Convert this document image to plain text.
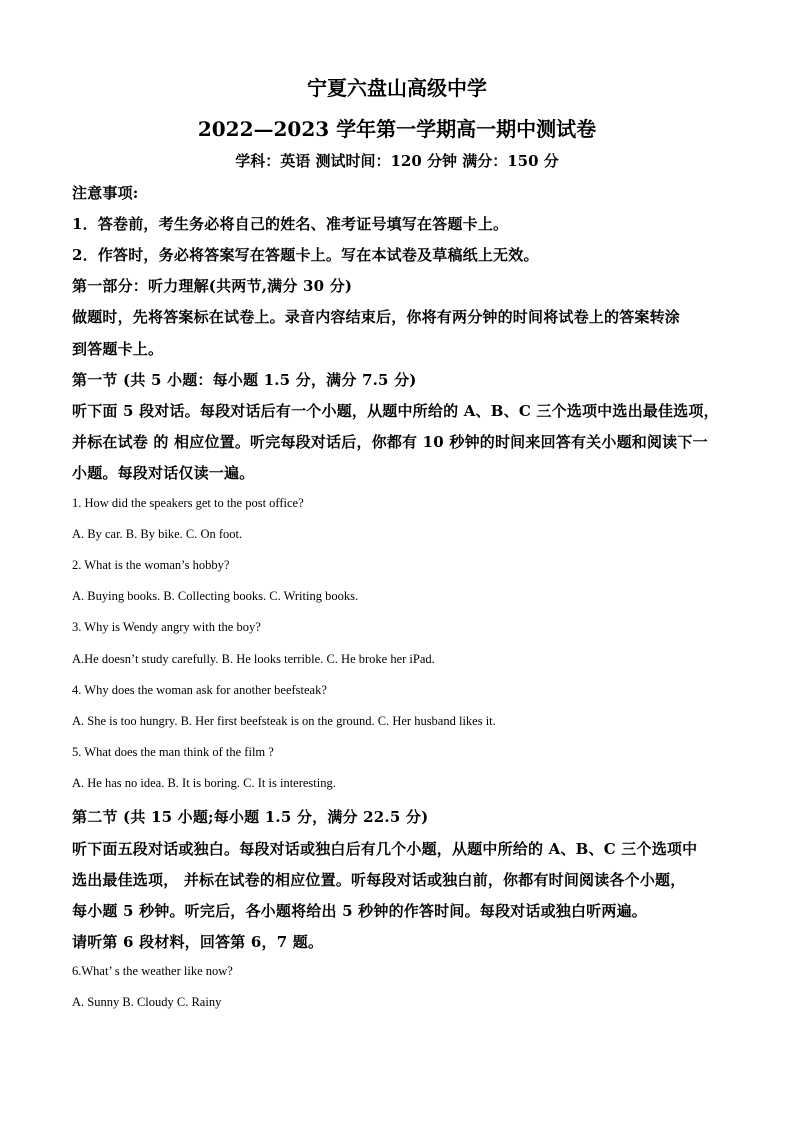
宁夏六盘山高级中学
2022—2023 学年第一学期高一期中测试卷
学科：英语 测试时间：120 分钟 满分：150 分
注意事项:
1．答卷前，考生务必将自己的姓名、准考证号填写在答题卡上。
2．作答时，务必将答案写在答题卡上。写在本试卷及草稿纸上无效。
第一部分：听力理解(共两节,满分 30 分)
做题时，先将答案标在试卷上。录音内容结束后，你将有两分钟的时间将试卷上的答案转涂
到答题卡上。
第一节 (共 5 小题：每小题 1.5 分，满分 7.5 分)
听下面 5 段对话。每段对话后有一个小题，从题中所给的 A、B、C 三个选项中选出最佳选项，
并标在试卷 的 相应位置。听完每段对话后，你都有 10 秒钟的时间来回答有关小题和阅读下一
小题。每段对话仅读一遍。
1. How did the speakers get to the post office?
A. By car. B. By bike. C. On foot.
2. What is the woman’s hobby?
A. Buying books. B. Collecting books. C. Writing books.
3. Why is Wendy angry with the boy?
A.He doesn’t study carefully. B. He looks terrible. C. He broke her iPad.
4. Why does the woman ask for another beefsteak?
A. She is too hungry. B. Her first beefsteak is on the ground. C. Her husband likes it.
5. What does the man think of the film ?
A. He has no idea. B. It is boring. C. It is interesting.
第二节 (共 15 小题;每小题 1.5 分，满分 22.5 分)
听下面五段对话或独白。每段对话或独白后有几个小题，从题中所给的 A、B、C 三个选项中
选出最佳选项， 并标在试卷的相应位置。听每段对话或独白前，你都有时间阅读各个小题，
每小题 5 秒钟。听完后，各小题将给出 5 秒钟的作答时间。每段对话或独白听两遍。
请听第 6 段材料，回答第 6，7 题。
6.What’ s the weather like now?
A. Sunny B. Cloudy C. Rainy
